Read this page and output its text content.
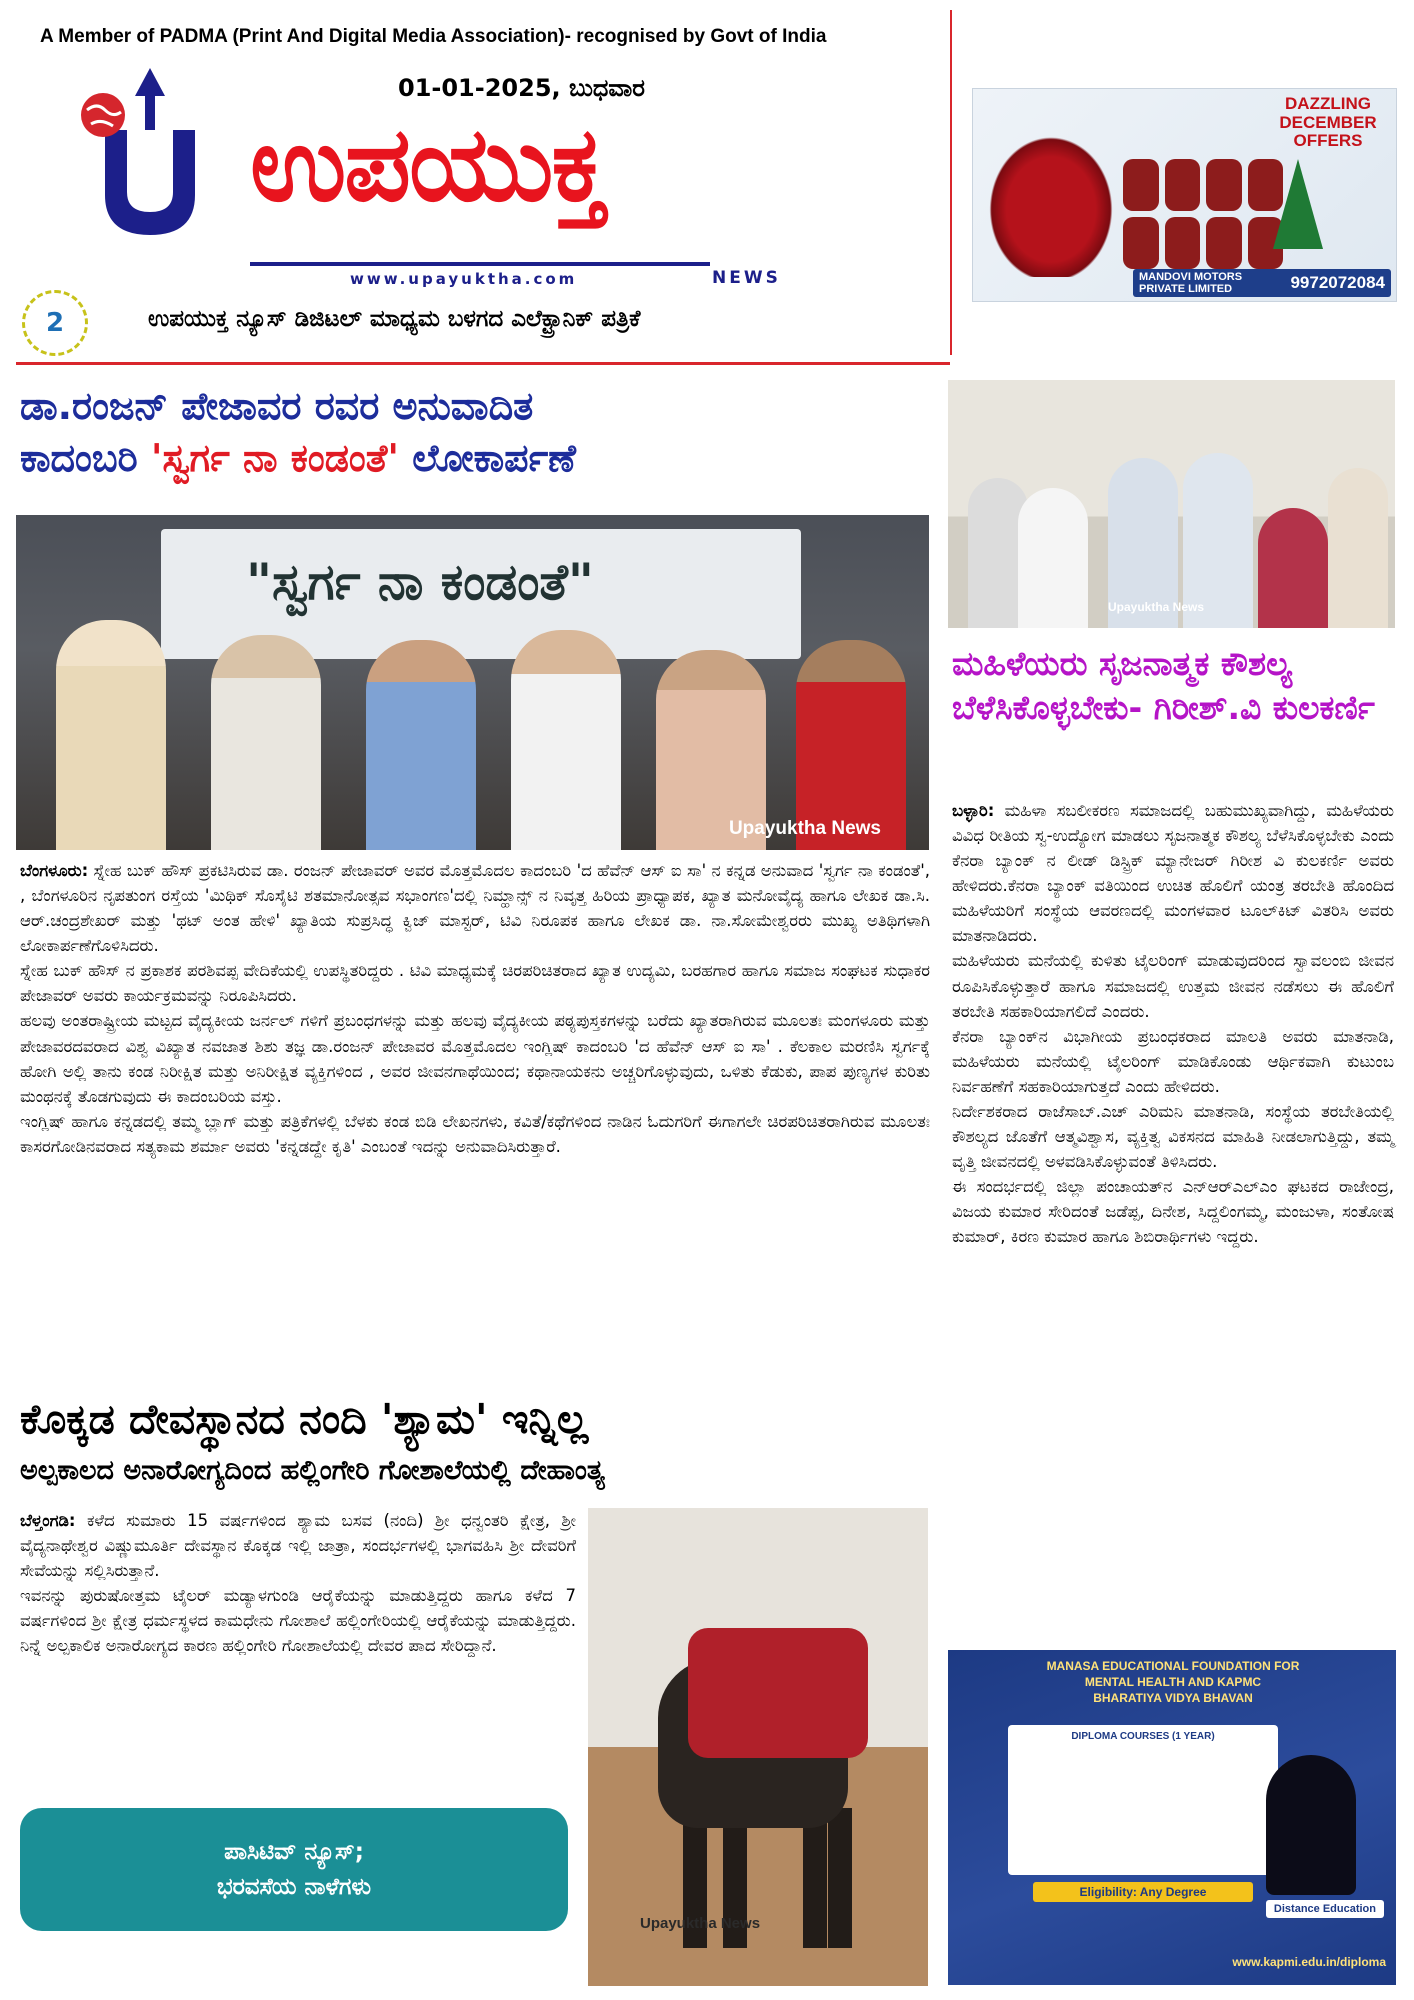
A Member of PADMA (Print And Digital Media Association)- recognised by Govt of India
01-01-2025, ಬುಧವಾರ
ಉಪಯುಕ್ತ
www.upayuktha.com	NEWS
2	ಉಪಯುಕ್ತ ನ್ಯೂಸ್ ಡಿಜಿಟಲ್ ಮಾಧ್ಯಮ ಬಳಗದ ಎಲೆಕ್ಟ್ರಾನಿಕ್ ಪತ್ರಿಕೆ
DAZZLING DECEMBER OFFERS
MANDOVI MOTORS PRIVATE LIMITED	9972072084
ಡಾ.ರಂಜನ್ ಪೇಜಾವರ ರವರ ಅನುವಾದಿತ
ಕಾದಂಬರಿ 'ಸ್ವರ್ಗ ನಾ ಕಂಡಂತೆ' ಲೋಕಾರ್ಪಣೆ
"ಸ್ವರ್ಗ ನಾ ಕಂಡಂತೆ"
Upayuktha News
ಬೆಂಗಳೂರು: ಸ್ನೇಹ ಬುಕ್ ಹೌಸ್ ಪ್ರಕಟಿಸಿರುವ ಡಾ. ರಂಜನ್ ಪೇಜಾವರ್ ಅವರ ಮೊತ್ತಮೊದಲ ಕಾದಂಬರಿ 'ದ ಹೆವೆನ್ ಆಸ್ ಐ ಸಾ' ನ ಕನ್ನಡ ಅನುವಾದ 'ಸ್ವರ್ಗ ನಾ ಕಂಡಂತೆ', , ಬೆಂಗಳೂರಿನ ನೃಪತುಂಗ ರಸ್ತೆಯ 'ಮಿಥಿಕ್ ಸೊಸೈಟಿ ಶತಮಾನೋತ್ಸವ ಸಭಾಂಗಣ'ದಲ್ಲಿ ನಿಮ್ಹಾನ್ಸ್ ನ ನಿವೃತ್ತ ಹಿರಿಯ ಪ್ರಾಧ್ಯಾಪಕ, ಖ್ಯಾತ ಮನೋವೈದ್ಯ ಹಾಗೂ ಲೇಖಕ ಡಾ.ಸಿ. ಆರ್.ಚಂದ್ರಶೇಖರ್ ಮತ್ತು 'ಥಟ್ ಅಂತ ಹೇಳಿ' ಖ್ಯಾತಿಯ ಸುಪ್ರಸಿದ್ಧ ಕ್ವಿಜ್ ಮಾಸ್ಟರ್, ಟಿವಿ ನಿರೂಪಕ ಹಾಗೂ ಲೇಖಕ ಡಾ. ನಾ.ಸೋಮೇಶ್ವರರು ಮುಖ್ಯ ಅತಿಥಿಗಳಾಗಿ ಲೋಕಾರ್ಪಣೆಗೊಳಿಸಿದರು.
ಸ್ನೇಹ ಬುಕ್ ಹೌಸ್ ನ ಪ್ರಕಾಶಕ ಪರಶಿವಪ್ಪ ವೇದಿಕೆಯಲ್ಲಿ ಉಪಸ್ಥಿತರಿದ್ದರು . ಟಿವಿ ಮಾಧ್ಯಮಕ್ಕೆ ಚಿರಪರಿಚಿತರಾದ ಖ್ಯಾತ ಉದ್ಯಮಿ, ಬರಹಗಾರ ಹಾಗೂ ಸಮಾಜ ಸಂಘಟಕ ಸುಧಾಕರ ಪೇಜಾವರ್ ಅವರು ಕಾರ್ಯಕ್ರಮವನ್ನು ನಿರೂಪಿಸಿದರು.
ಹಲವು ಅಂತರಾಷ್ಟ್ರೀಯ ಮಟ್ಟದ ವೈದ್ಯಕೀಯ ಜರ್ನಲ್ ಗಳಿಗೆ ಪ್ರಬಂಧಗಳನ್ನು ಮತ್ತು ಹಲವು ವೈದ್ಯಕೀಯ ಪಠ್ಯಪುಸ್ತಕಗಳನ್ನು ಬರೆದು ಖ್ಯಾತರಾಗಿರುವ ಮೂಲತಃ ಮಂಗಳೂರು ಮತ್ತು ಪೇಜಾವರದವರಾದ ವಿಶ್ವ ವಿಖ್ಯಾತ ನವಜಾತ ಶಿಶು ತಜ್ಞ ಡಾ.ರಂಜನ್ ಪೇಜಾವರ ಮೊತ್ತಮೊದಲ ಇಂಗ್ಲಿಷ್ ಕಾದಂಬರಿ 'ದ ಹೆವೆನ್ ಆಸ್ ಐ ಸಾ' . ಕೆಲಕಾಲ ಮರಣಿಸಿ ಸ್ವರ್ಗಕ್ಕೆ ಹೋಗಿ ಅಲ್ಲಿ ತಾನು ಕಂಡ ನಿರೀಕ್ಷಿತ ಮತ್ತು ಅನಿರೀಕ್ಷಿತ ವ್ಯಕ್ತಿಗಳಿಂದ , ಅವರ ಜೀವನಗಾಥೆಯಿಂದ; ಕಥಾನಾಯಕನು ಅಚ್ಚರಿಗೊಳ್ಳುವುದು, ಒಳಿತು ಕೆಡುಕು, ಪಾಪ ಪುಣ್ಯಗಳ ಕುರಿತು ಮಂಥನಕ್ಕೆ ತೊಡಗುವುದು ಈ ಕಾದಂಬರಿಯ ವಸ್ತು.
ಇಂಗ್ಲಿಷ್ ಹಾಗೂ ಕನ್ನಡದಲ್ಲಿ ತಮ್ಮ ಬ್ಲಾಗ್ ಮತ್ತು ಪತ್ರಿಕೆಗಳಲ್ಲಿ ಬೆಳಕು ಕಂಡ ಬಿಡಿ ಲೇಖನಗಳು, ಕವಿತೆ/ಕಥೆಗಳಿಂದ ನಾಡಿನ ಓದುಗರಿಗೆ ಈಗಾಗಲೇ ಚಿರಪರಿಚಿತರಾಗಿರುವ ಮೂಲತಃ ಕಾಸರಗೋಡಿನವರಾದ ಸತ್ಯಕಾಮ ಶರ್ಮಾ ಅವರು 'ಕನ್ನಡದ್ದೇ ಕೃತಿ' ಎಂಬಂತೆ ಇದನ್ನು ಅನುವಾದಿಸಿರುತ್ತಾರೆ.
ಕೊಕ್ಕಡ ದೇವಸ್ಥಾನದ ನಂದಿ 'ಶ್ಯಾಮ' ಇನ್ನಿಲ್ಲ
ಅಲ್ಪಕಾಲದ ಅನಾರೋಗ್ಯದಿಂದ ಹಲ್ಲಿಂಗೇರಿ ಗೋಶಾಲೆಯಲ್ಲಿ ದೇಹಾಂತ್ಯ
ಬೆಳ್ತಂಗಡಿ: ಕಳೆದ ಸುಮಾರು 15 ವರ್ಷಗಳಿಂದ ಶ್ಯಾಮ ಬಸವ (ನಂದಿ) ಶ್ರೀ ಧನ್ವಂತರಿ ಕ್ಷೇತ್ರ, ಶ್ರೀ ವೈದ್ಯನಾಥೇಶ್ವರ ವಿಷ್ಣುಮೂರ್ತಿ ದೇವಸ್ಥಾನ ಕೊಕ್ಕಡ ಇಲ್ಲಿ ಜಾತ್ರಾ, ಸಂದರ್ಭಗಳಲ್ಲಿ ಭಾಗವಹಿಸಿ ಶ್ರೀ ದೇವರಿಗೆ ಸೇವೆಯನ್ನು ಸಲ್ಲಿಸಿರುತ್ತಾನೆ.
ಇವನನ್ನು ಪುರುಷೋತ್ತಮ ಟೈಲರ್ ಮಡ್ಯಾಳಗುಂಡಿ ಆರೈಕೆಯನ್ನು ಮಾಡುತ್ತಿದ್ದರು ಹಾಗೂ ಕಳೆದ 7 ವರ್ಷಗಳಿಂದ ಶ್ರೀ ಕ್ಷೇತ್ರ ಧರ್ಮಸ್ಥಳದ ಕಾಮಧೇನು ಗೋಶಾಲೆ ಹಲ್ಲಿಂಗೇರಿಯಲ್ಲಿ ಆರೈಕೆಯನ್ನು ಮಾಡುತ್ತಿದ್ದರು. ನಿನ್ನೆ ಅಲ್ಪಕಾಲಿಕ ಅನಾರೋಗ್ಯದ ಕಾರಣ ಹಲ್ಲಿಂಗೇರಿ ಗೋಶಾಲೆಯಲ್ಲಿ ದೇವರ ಪಾದ ಸೇರಿದ್ದಾನೆ.
Upayuktha News
ಪಾಸಿಟಿವ್ ನ್ಯೂಸ್;
ಭರವಸೆಯ ನಾಳೆಗಳು
Upayuktha News
ಮಹಿಳೆಯರು ಸೃಜನಾತ್ಮಕ ಕೌಶಲ್ಯ ಬೆಳೆಸಿಕೊಳ್ಳಬೇಕು- ಗಿರೀಶ್.ವಿ ಕುಲಕರ್ಣಿ
ಬಳ್ಳಾರಿ: ಮಹಿಳಾ ಸಬಲೀಕರಣ ಸಮಾಜದಲ್ಲಿ ಬಹುಮುಖ್ಯವಾಗಿದ್ದು, ಮಹಿಳೆಯರು ವಿವಿಧ ರೀತಿಯ ಸ್ವ-ಉದ್ಯೋಗ ಮಾಡಲು ಸೃಜನಾತ್ಮಕ ಕೌಶಲ್ಯ ಬೆಳೆಸಿಕೊಳ್ಳಬೇಕು ಎಂದು ಕೆನರಾ ಬ್ಯಾಂಕ್ ನ ಲೀಡ್ ಡಿಸ್ಟ್ರಿಕ್ ಮ್ಯಾನೇಜರ್ ಗಿರೀಶ ವಿ ಕುಲಕರ್ಣಿ ಅವರು ಹೇಳಿದರು.ಕೆನರಾ ಬ್ಯಾಂಕ್ ವತಿಯಿಂದ ಉಚಿತ ಹೊಲಿಗೆ ಯಂತ್ರ ತರಬೇತಿ ಹೊಂದಿದ ಮಹಿಳೆಯರಿಗೆ ಸಂಸ್ಥೆಯ ಆವರಣದಲ್ಲಿ ಮಂಗಳವಾರ ಟೂಲ್‌ಕಿಟ್ ವಿತರಿಸಿ ಅವರು ಮಾತನಾಡಿದರು.
ಮಹಿಳೆಯರು ಮನೆಯಲ್ಲಿ ಕುಳಿತು ಟೈಲರಿಂಗ್ ಮಾಡುವುದರಿಂದ ಸ್ವಾವಲಂಬಿ ಜೀವನ ರೂಪಿಸಿಕೊಳ್ಳುತ್ತಾರೆ ಹಾಗೂ ಸಮಾಜದಲ್ಲಿ ಉತ್ತಮ ಜೀವನ ನಡೆಸಲು ಈ ಹೊಲಿಗೆ ತರಬೇತಿ ಸಹಕಾರಿಯಾಗಲಿದೆ ಎಂದರು.
ಕೆನರಾ ಬ್ಯಾಂಕ್‌ನ ವಿಭಾಗೀಯ ಪ್ರಬಂಧಕರಾದ ಮಾಲತಿ ಅವರು ಮಾತನಾಡಿ, ಮಹಿಳೆಯರು ಮನೆಯಲ್ಲಿ ಟೈಲರಿಂಗ್ ಮಾಡಿಕೊಂಡು ಆರ್ಥಿಕವಾಗಿ ಕುಟುಂಬ ನಿರ್ವಹಣೆಗೆ ಸಹಕಾರಿಯಾಗುತ್ತದೆ ಎಂದು ಹೇಳಿದರು.
ನಿರ್ದೇಶಕರಾದ ರಾಜೆಸಾಬ್.ಎಚ್ ಎರಿಮನಿ ಮಾತನಾಡಿ, ಸಂಸ್ಥೆಯ ತರಬೇತಿಯಲ್ಲಿ ಕೌಶಲ್ಯದ ಜೊತೆಗೆ ಆತ್ಮವಿಶ್ವಾಸ, ವ್ಯಕ್ತಿತ್ವ ವಿಕಸನದ ಮಾಹಿತಿ ನೀಡಲಾಗುತ್ತಿದ್ದು, ತಮ್ಮ ವೃತ್ತಿ ಜೀವನದಲ್ಲಿ ಅಳವಡಿಸಿಕೊಳ್ಳುವಂತೆ ತಿಳಿಸಿದರು.
ಈ ಸಂದರ್ಭದಲ್ಲಿ ಜಿಲ್ಲಾ ಪಂಚಾಯತ್‌ನ ಎನ್‌ಆರ್‌ಎಲ್‌ಎಂ ಘಟಕದ ರಾಜೇಂದ್ರ, ವಿಜಯ ಕುಮಾರ ಸೇರಿದಂತೆ ಜಡೆಪ್ಪ, ದಿನೇಶ, ಸಿದ್ದಲಿಂಗಮ್ಮ, ಮಂಜುಳಾ, ಸಂತೋಷ ಕುಮಾರ್, ಕಿರಣ ಕುಮಾರ ಹಾಗೂ ಶಿಬಿರಾರ್ಥಿಗಳು ಇದ್ದರು.
MANASA EDUCATIONAL FOUNDATION FOR MENTAL HEALTH AND KAPMC
BHARATIYA VIDYA BHAVAN
DIPLOMA COURSES (1 YEAR)
Eligibility: Any Degree
Distance Education
www.kapmi.edu.in/diploma
